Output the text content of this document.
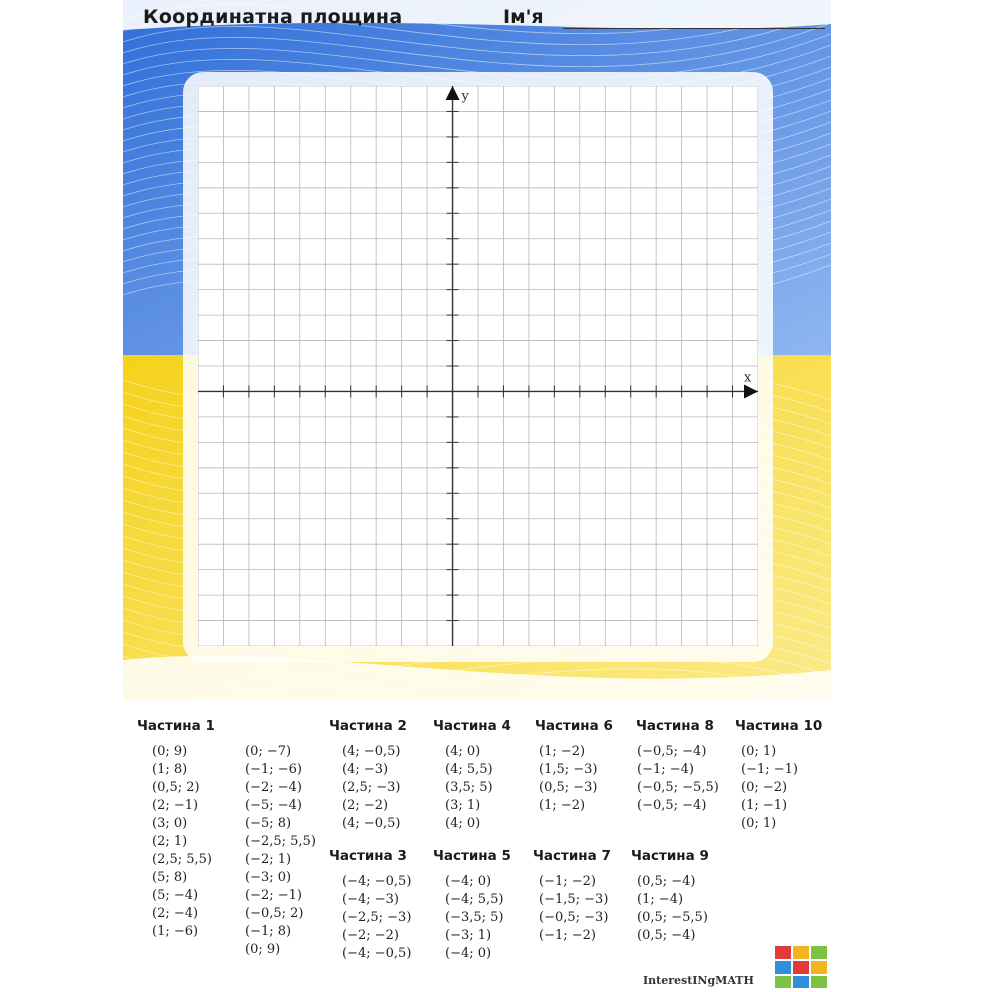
Координатна площина	Ім'я
x
y
Частина 1
(0; 9)
(1; 8)
(0,5; 2)
(2; −1)
(3; 0)
(2; 1)
(2,5; 5,5)
(5; 8)
(5; −4)
(2; −4)
(1; −6)
(0; −7)
(−1; −6)
(−2; −4)
(−5; −4)
(−5; 8)
(−2,5; 5,5)
(−2; 1)
(−3; 0)
(−2; −1)
(−0,5; 2)
(−1; 8)
(0; 9)
Частина 2
(4; −0,5)
(4; −3)
(2,5; −3)
(2; −2)
(4; −0,5)
Частина 3
(−4; −0,5)
(−4; −3)
(−2,5; −3)
(−2; −2)
(−4; −0,5)
Частина 4
(4; 0)
(4; 5,5)
(3,5; 5)
(3; 1)
(4; 0)
Частина 5
(−4; 0)
(−4; 5,5)
(−3,5; 5)
(−3; 1)
(−4; 0)
Частина 6
(1; −2)
(1,5; −3)
(0,5; −3)
(1; −2)
Частина 7
(−1; −2)
(−1,5; −3)
(−0,5; −3)
(−1; −2)
Частина 8
(−0,5; −4)
(−1; −4)
(−0,5; −5,5)
(−0,5; −4)
Частина 9
(0,5; −4)
(1; −4)
(0,5; −5,5)
(0,5; −4)
Частина 10
(0; 1)
(−1; −1)
(0; −2)
(1; −1)
(0; 1)
InterestINgMATH
